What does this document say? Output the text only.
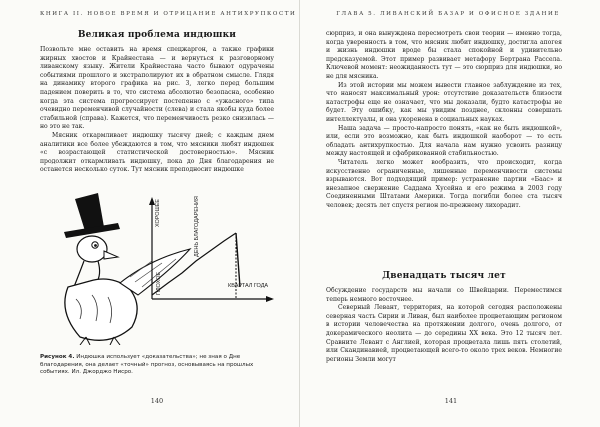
КНИГА II. НОВОЕ ВРЕМЯ И ОТРИЦАНИЕ АНТИХРУПКОСТИ
Великая проблема индюшки

Позвольте мне оставить на время спецжаргон, а также графики жирных хвостов и Крайнестана — и вернуться к разговорному ливанскому языку. Жители Крайнестана часто бывают одурачены событиями прошлого и экстраполируют их в обратном смысле. Глядя на динамику второго графика на рис. 3, легко перед большим падением поверить в то, что система абсолютно безопасна, особенно когда эта система прогрессирует постепенно с «ужасного» типа очевидно переменчивой случайности (слева) и стала якобы куда более стабильной (справа). Кажется, что переменчивость резко снизилась — но это не так.

Мясник откармливает индюшку тысячу дней; с каждым днем аналитики все более убеждаются в том, что мясники любят индюшек «с возрастающей статистической достоверностью». Мясник продолжит откармливать индюшку, пока до Дня благодарения не останется несколько суток. Тут мясник преподносит индюшке

ХОРОШЕЕ	ДЕНЬ БЛАГОДАРЕНИЯ
ПЛОХОЕ	КВАРТАЛ ГОДА
Рисунок 4. Индюшка использует «доказательства»; не зная о Дне благодарения, она делает «точный» прогноз, основываясь на прошлых событиях. Ил. Джорджо Нисро.
140
ГЛАВА 5. ЛИВАНСКИЙ БАЗАР И ОФИСНОЕ ЗДАНИЕ

сюрприз, и она вынуждена пересмотреть свои теории — именно тогда, когда уверенность в том, что мясник любит индюшку, достигла апогея и жизнь индюшки вроде бы стала спокойной и удивительно предсказуемой. Этот пример развивает метафору Бертрана Рассела. Ключевой момент: неожиданность тут — это сюрприз для индюшки, но не для мясника.

Из этой истории мы можем вывести главное заблуждение из тех, что наносят максимальный урон: отсутствие доказательств близости катастрофы еще не означает, что мы доказали, будто катастрофы не будет. Эту ошибку, как мы увидим позднее, склонны совершать интеллектуалы, и она укоренена в социальных науках.

Наша задача — просто-напросто понять, «как не быть индюшкой», или, если это возможно, как быть индюшкой наоборот — то есть обладать антихрупкостью. Для начала нам нужно усвоить разницу между настоящей и сфабрикованной стабильностью.

Читатель легко может вообразить, что происходит, когда искусственно ограниченные, лишенные переменчивости системы взрываются. Вот подходящий пример: устранение партии «Баас» и внезапное свержение Саддама Хусейна и его режима в 2003 году Соединенными Штатами Америки. Тогда погибли более ста тысяч человек; десять лет спустя регион по-прежнему лихорадит.

Двенадцать тысяч лет

Обсуждение государств мы начали со Швейцарии. Переместимся теперь немного восточнее.

Северный Левант, территория, на которой сегодня расположены северная часть Сирии и Ливан, был наиболее процветающим регионом в истории человечества на протяжении долгого, очень долгого, от докерамического неолита — до середины XX века. Это 12 тысяч лет. Сравните Левант с Англией, которая процветала лишь пять столетий, или Скандинавией, процветающей всего-то около трех веков. Немногие регионы Земли могут

141
